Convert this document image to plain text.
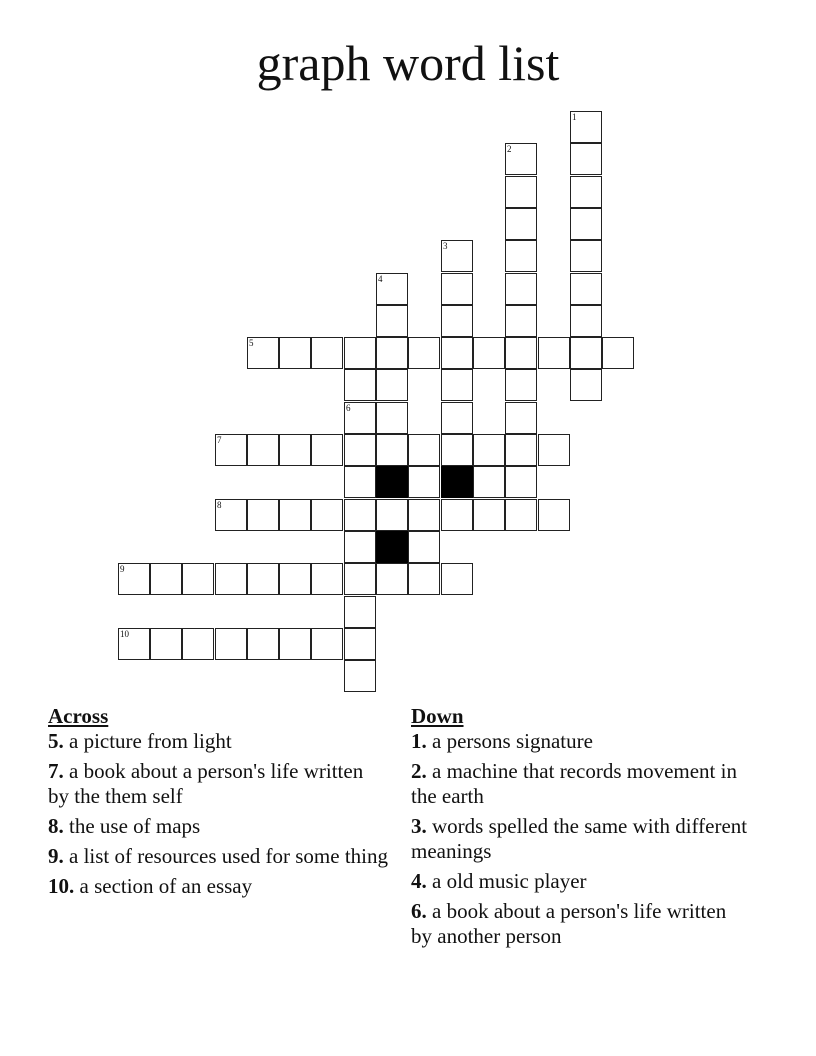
graph word list
1
2
3
4
5
6
7
8
9
10
Across
5. a picture from light
7. a book about a person's life written by the them self
8. the use of maps
9. a list of resources used for some thing
10. a section of an essay
Down
1. a persons signature
2. a machine that records movement in the earth
3. words spelled the same with different meanings
4. a old music player
6. a book about a person's life written by another person
